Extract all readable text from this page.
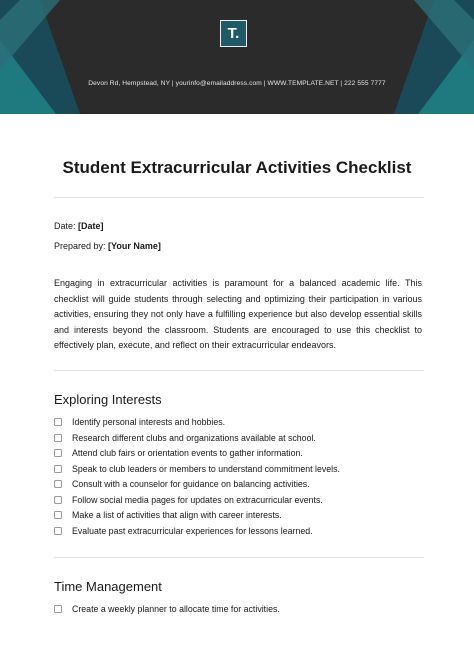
T.
Devon Rd, Hempstead, NY | yourinfo@emailaddress.com | WWW.TEMPLATE.NET | 222 555 7777
Student Extracurricular Activities Checklist
Date: [Date]
Prepared by: [Your Name]
Engaging in extracurricular activities is paramount for a balanced academic life. This checklist will guide students through selecting and optimizing their participation in various activities, ensuring they not only have a fulfilling experience but also develop essential skills and interests beyond the classroom. Students are encouraged to use this checklist to effectively plan, execute, and reflect on their extracurricular endeavors.
Exploring Interests
Identify personal interests and hobbies.
Research different clubs and organizations available at school.
Attend club fairs or orientation events to gather information.
Speak to club leaders or members to understand commitment levels.
Consult with a counselor for guidance on balancing activities.
Follow social media pages for updates on extracurricular events.
Make a list of activities that align with career interests.
Evaluate past extracurricular experiences for lessons learned.
Time Management
Create a weekly planner to allocate time for activities.
